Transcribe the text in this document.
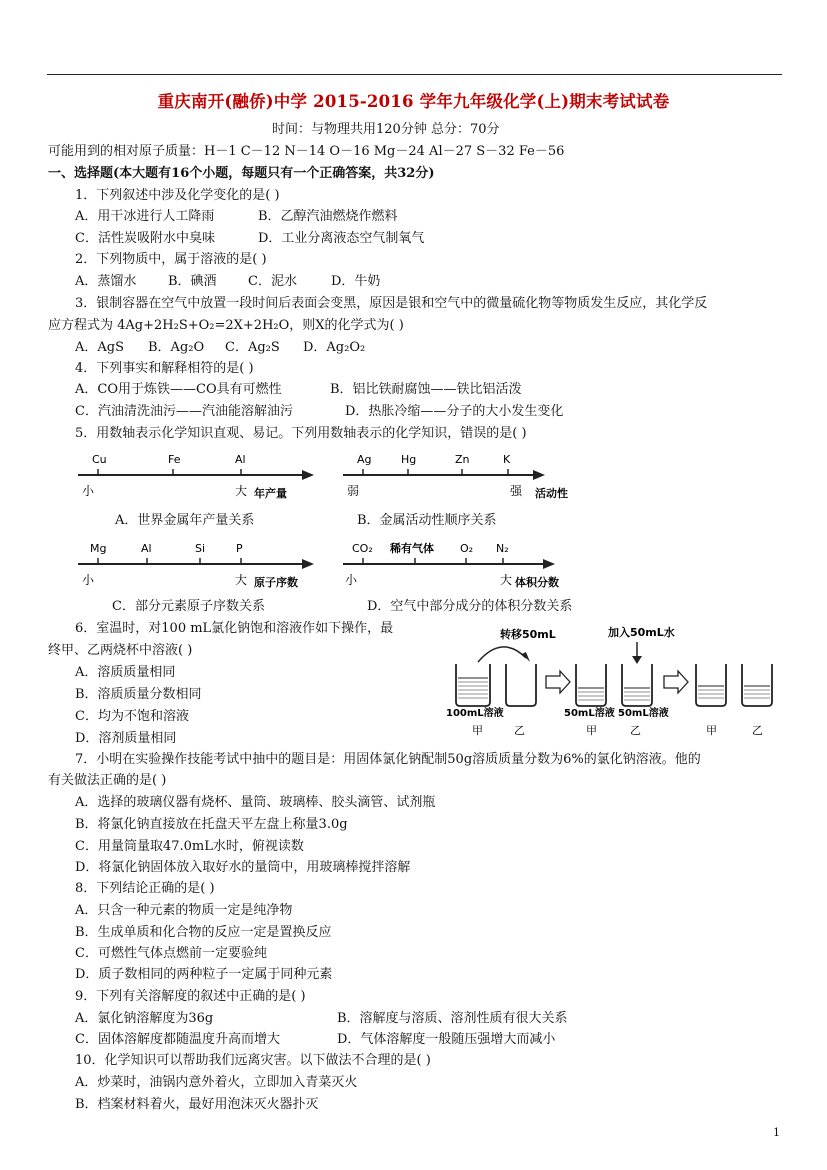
重庆南开(融侨)中学 2015-2016 学年九年级化学(上)期末考试试卷
时间：与物理共用120分钟 总分：70分
可能用到的相对原子质量：H－1 C－12 N－14 O－16 Mg－24 Al－27 S－32 Fe－56
一、选择题(本大题有16个小题，每题只有一个正确答案，共32分)
1．下列叙述中涉及化学变化的是( )
A．用干冰进行人工降雨	B．乙醇汽油燃烧作燃料
C．活性炭吸附水中臭味	D．工业分离液态空气制氧气
2．下列物质中，属于溶液的是( )
A．蒸馏水 B．碘酒 C．泥水	D．牛奶
3．银制容器在空气中放置一段时间后表面会变黑，原因是银和空气中的微量硫化物等物质发生反应，其化学反
应方程式为 4Ag+2H₂S+O₂=2X+2H₂O，则X的化学式为( )
A．AgS B．Ag₂O C．Ag₂S D．Ag₂O₂
4．下列事实和解释相符的是( )
A．CO用于炼铁——CO具有可燃性	B．铝比铁耐腐蚀——铁比铝活泼
C．汽油清洗油污——汽油能溶解油污	D．热胀冷缩——分子的大小发生变化
5．用数轴表示化学知识直观、易记。下列用数轴表示的化学知识，错误的是( )
Cu	Fe	Al
小	大 年产量
A．世界金属年产量关系
Ag	Hg	Zn	K
弱	强 活动性
B．金属活动性顺序关系
Mg	Al	Si	P
小	大 原子序数
C．部分元素原子序数关系
CO₂ 稀有气体 O₂ N₂
小	大 体积分数
D．空气中部分成分的体积分数关系
6．室温时，对100 mL氯化钠饱和溶液作如下操作，最
终甲、乙两烧杯中溶液( )
A．溶质质量相同
B．溶质质量分数相同
C．均为不饱和溶液
D．溶剂质量相同
转移50mL	加入50mL水
100mL溶液	50mL溶液 50mL溶液
甲	乙	甲	乙	甲	乙
7．小明在实验操作技能考试中抽中的题目是：用固体氯化钠配制50g溶质质量分数为6%的氯化钠溶液。他的
有关做法正确的是( )
A．选择的玻璃仪器有烧杯、量筒、玻璃棒、胶头滴管、试剂瓶
B．将氯化钠直接放在托盘天平左盘上称量3.0g
C．用量筒量取47.0mL水时，俯视读数
D．将氯化钠固体放入取好水的量筒中，用玻璃棒搅拌溶解
8．下列结论正确的是( )
A．只含一种元素的物质一定是纯净物
B．生成单质和化合物的反应一定是置换反应
C．可燃性气体点燃前一定要验纯
D．质子数相同的两种粒子一定属于同种元素
9．下列有关溶解度的叙述中正确的是( )
A．氯化钠溶解度为36g	B．溶解度与溶质、溶剂性质有很大关系
C．固体溶解度都随温度升高而增大	D．气体溶解度一般随压强增大而减小
10．化学知识可以帮助我们远离灾害。以下做法不合理的是( )
A．炒菜时，油锅内意外着火，立即加入青菜灭火
B．档案材料着火，最好用泡沫灭火器扑灭
1
